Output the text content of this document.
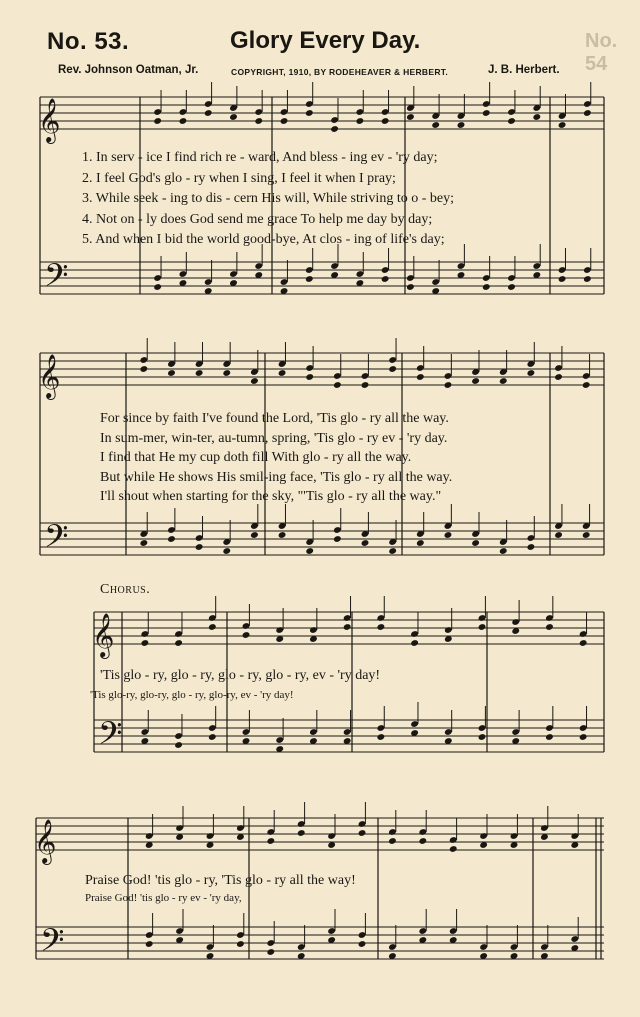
No. 53.	Glory Every Day.	No. 54
Rev. Johnson Oatman, Jr.	COPYRIGHT, 1910, BY RODEHEAVER & HERBERT.	J. B. Herbert.
𝄞
𝄢
𝄞
𝄢
𝄞
𝄢
𝄞
𝄢
1. In serv - ice I find rich re - ward, And bless - ing ev - 'ry day;
2. I feel God's glo - ry when I sing, I feel it when I pray;
3. While seek - ing to dis - cern His will, While striving to o - bey;
4. Not on - ly does God send me grace To help me day by day;
5. And when I bid the world good-bye, At clos - ing of life's day;
For since by faith I've found the Lord, 'Tis glo - ry all the way.
In sum-mer, win-ter, au-tumn, spring, 'Tis glo - ry ev - 'ry day.
I find that He my cup doth fill With glo - ry all the way.
But while He shows His smil-ing face, 'Tis glo - ry all the way.
I'll shout when starting for the sky, "'Tis glo - ry all the way."
Chorus.
'Tis glo - ry, glo - ry, glo - ry, glo - ry, ev - 'ry day!
'Tis glo-ry, glo-ry, glo - ry, glo-ry, ev - 'ry day!
Praise God! 'tis glo - ry, 'Tis glo - ry all the way!
Praise God! 'tis glo - ry ev - 'ry day,
